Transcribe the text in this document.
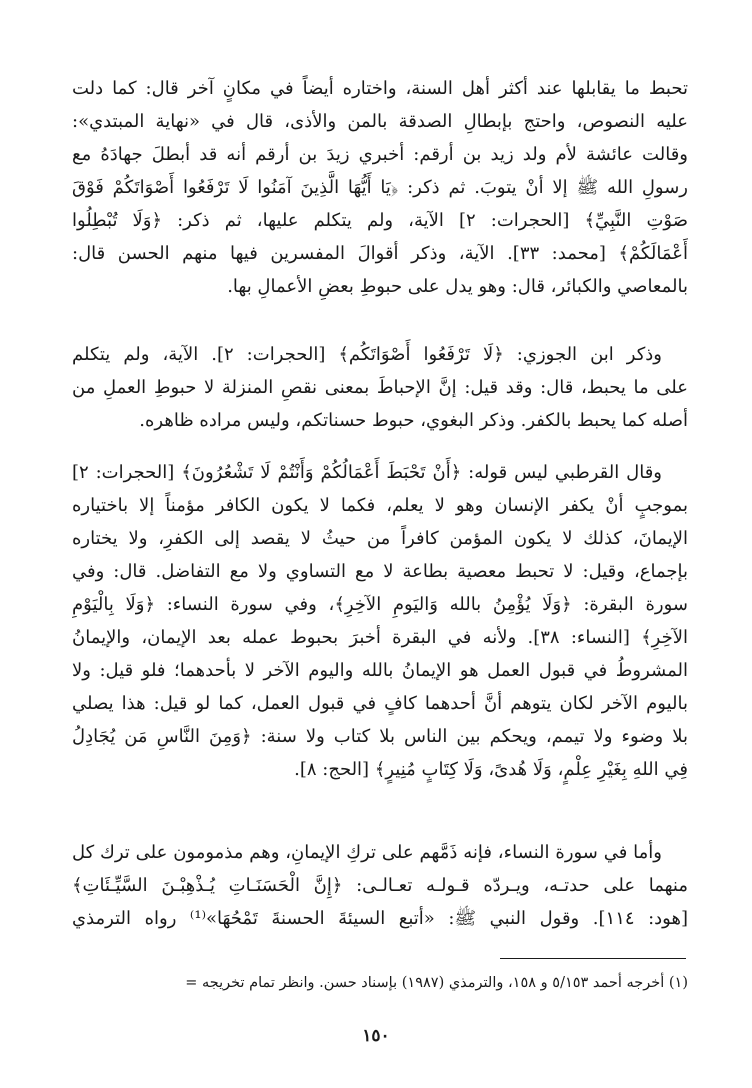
تحبط ما يقابلها عند أكثر أهل السنة، واختاره أيضاً في مكانٍ آخر قال: كما دلت
عليه النصوص، واحتج بإبطالِ الصدقة بالمن والأذى، قال في «نهاية المبتدي»:
وقالت عائشة لأم ولد زيد بن أرقم: أخبري زيدَ بن أرقم أنه قد أبطلَ جهادَهُ مع
رسولِ الله ﷺ إلا أنْ يتوبَ. ثم ذكر: ﴿يَا أَيُّهَا الَّذِينَ آمَنُوا لَا تَرْفَعُوا أَصْوَاتَكُمْ فَوْقَ
صَوْتِ النَّبِيِّ﴾ [الحجرات: ٢] الآية، ولم يتكلم عليها، ثم ذكر: ﴿وَلَا تُبْطِلُوا
أَعْمَالَكُمْ﴾ [محمد: ٣٣]. الآية، وذكر أقوالَ المفسرين فيها منهم الحسن قال:
بالمعاصي والكبائر، قال: وهو يدل على حبوطِ بعضِ الأعمالِ بها.
وذكر ابن الجوزي: ﴿لَا تَرْفَعُوا أَصْوَاتَكُم﴾ [الحجرات: ٢]. الآية، ولم يتكلم
على ما يحبط، قال: وقد قيل: إنَّ الإحباطَ بمعنى نقصِ المنزلة لا حبوطِ العملِ من
أصله كما يحبط بالكفر. وذكر البغوي، حبوط حسناتكم، وليس مراده ظاهره.
وقال القرطبي ليس قوله: ﴿أَنْ تَحْبَطَ أَعْمَالُكُمْ وَأَنْتُمْ لَا تَشْعُرُونَ﴾ [الحجرات: ٢]
بموجبٍ أنْ يكفر الإنسان وهو لا يعلم، فكما لا يكون الكافر مؤمناً إلا باختياره
الإيمانَ، كذلك لا يكون المؤمن كافراً من حيثُ لا يقصد إلى الكفرِ، ولا يختاره
بإجماع، وقيل: لا تحبط معصية بطاعة لا مع التساوي ولا مع التفاضل. قال: وفي
سورة البقرة: ﴿وَلَا يُؤْمِنُ بالله وَاليَومِ الآخِرِ﴾، وفي سورة النساء: ﴿وَلَا بِالْيَوْمِ
الآخِرِ﴾ [النساء: ٣٨]. ولأنه في البقرة أخبرَ بحبوط عمله بعد الإيمان، والإيمانُ
المشروطُ في قبول العمل هو الإيمانُ بالله واليوم الآخر لا بأحدهما؛ فلو قيل: ولا
باليوم الآخر لكان يتوهم أنَّ أحدهما كافٍ في قبول العمل، كما لو قيل: هذا يصلي
بلا وضوء ولا تيمم، ويحكم بين الناس بلا كتاب ولا سنة: ﴿وَمِنَ النَّاسِ مَن يُجَادِلُ
فِي اللهِ بِغَيْرِ عِلْمٍ، وَلَا هُدىً، وَلَا كِتَابٍ مُنِيرٍ﴾ [الحج: ٨].
وأما في سورة النساء، فإنه ذَمَّهم على تركِ الإيمانِ، وهم مذمومون على ترك كل
منهما على حدتـه، ويـردّه قـولـه تعـالـى: ﴿إِنَّ الْحَسَنَـاتِ يُـذْهِبْـنَ السَّيِّـئَاتِ﴾
[هود: ١١٤]. وقول النبي ﷺ: «أتبع السيئةَ الحسنةَ تَمْحُهَا»⁽¹⁾ رواه الترمذي
(١) أخرجه أحمد ٥/١٥٣ و ١٥٨، والترمذي (١٩٨٧) بإسناد حسن. وانظر تمام تخريجه =
١٥٠
